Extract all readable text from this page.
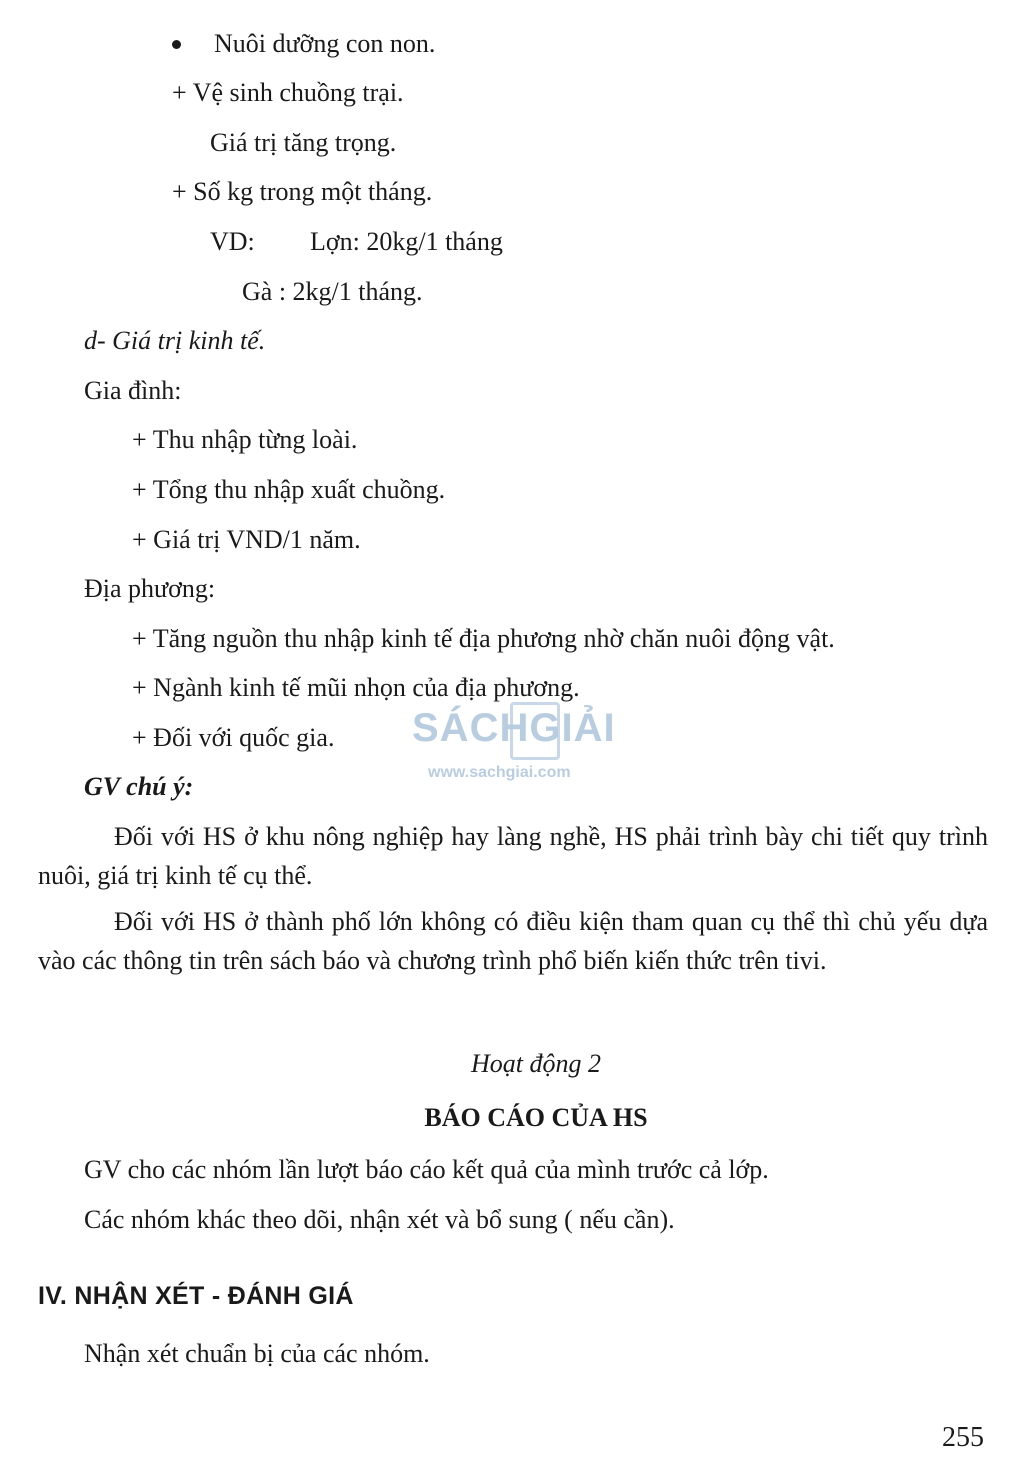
Nuôi dưỡng con non.
+ Vệ sinh chuồng trại.
Giá trị tăng trọng.
+ Số kg trong một tháng.
VD: Lợn: 20kg/1 tháng
Gà : 2kg/1 tháng.
d- Giá trị kinh tế.
Gia đình:
+ Thu nhập từng loài.
+ Tổng thu nhập xuất chuồng.
+ Giá trị VND/1 năm.
Địa phương:
+ Tăng nguồn thu nhập kinh tế địa phương nhờ chăn nuôi động vật.
+ Ngành kinh tế mũi nhọn của địa phương.
+ Đối với quốc gia.
GV chú ý:
Đối với HS ở khu nông nghiệp hay làng nghề, HS phải trình bày chi tiết quy trình nuôi, giá trị kinh tế cụ thể.
Đối với HS ở thành phố lớn không có điều kiện tham quan cụ thể thì chủ yếu dựa vào các thông tin trên sách báo và chương trình phổ biến kiến thức trên tivi.
Hoạt động 2
BÁO CÁO CỦA HS
GV cho các nhóm lần lượt báo cáo kết quả của mình trước cả lớp.
Các nhóm khác theo dõi, nhận xét và bổ sung ( nếu cần).
IV. NHẬN XÉT - ĐÁNH GIÁ
Nhận xét chuẩn bị của các nhóm.
SÁCHGIẢI
www.sachgiai.com
255
